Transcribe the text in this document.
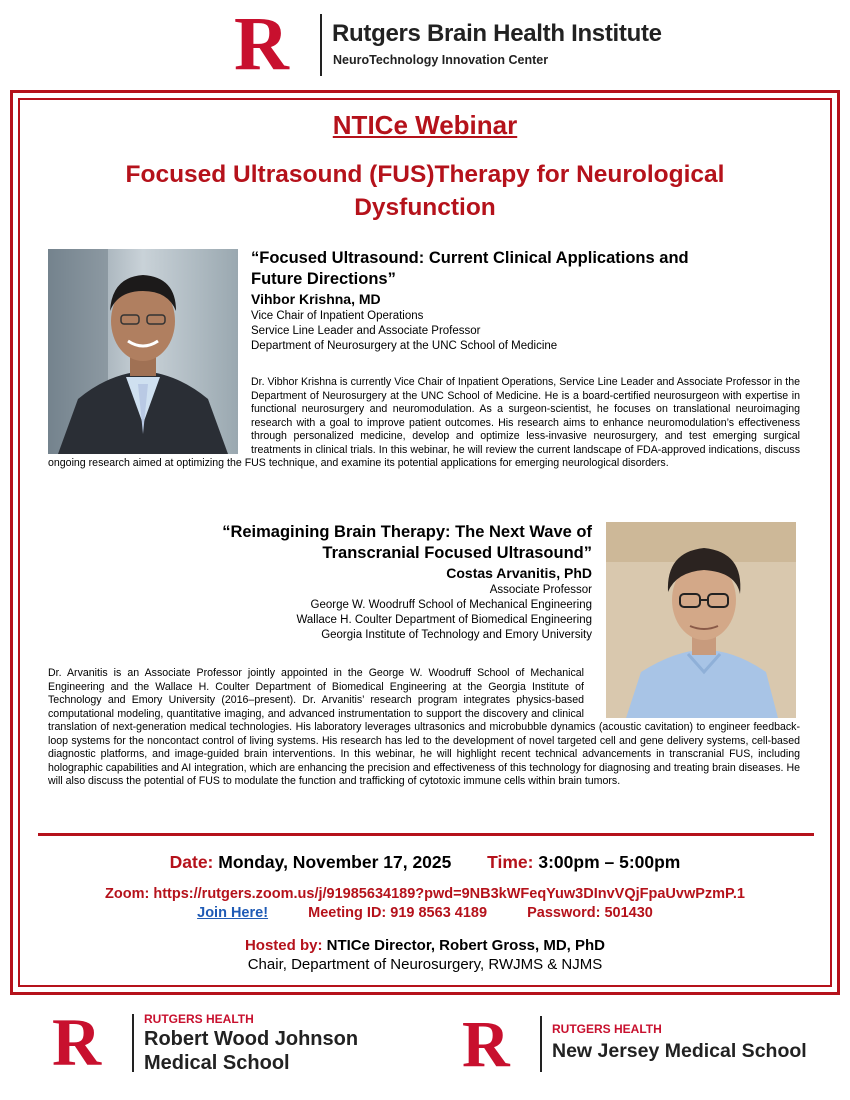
R Rutgers Brain Health Institute
NeuroTechnology Innovation Center
NTICe Webinar
Focused Ultrasound (FUS)Therapy for Neurological Dysfunction
“Focused Ultrasound: Current Clinical Applications and Future Directions”
Vihbor Krishna, MD
Vice Chair of Inpatient Operations
Service Line Leader and Associate Professor
Department of Neurosurgery at the UNC School of Medicine
Dr. Vibhor Krishna is currently Vice Chair of Inpatient Operations, Service Line Leader and Associate Professor in the Department of Neurosurgery at the UNC School of Medicine. He is a board-certified neurosurgeon with expertise in functional neurosurgery and neuromodulation. As a surgeon-scientist, he focuses on translational neuroimaging research with a goal to improve patient outcomes. His research aims to enhance neuromodulation’s effectiveness through personalized medicine, develop and optimize less-invasive neurosurgery, and test emerging surgical treatments in clinical trials. In this webinar, he will review the current landscape of FDA-approved indications, discuss ongoing research aimed at optimizing the FUS technique, and examine its potential applications for emerging neurological disorders.
“Reimagining Brain Therapy: The Next Wave of Transcranial Focused Ultrasound”
Costas Arvanitis, PhD
Associate Professor
George W. Woodruff School of Mechanical Engineering
Wallace H. Coulter Department of Biomedical Engineering
Georgia Institute of Technology and Emory University
Dr. Arvanitis is an Associate Professor jointly appointed in the George W. Woodruff School of Mechanical Engineering and the Wallace H. Coulter Department of Biomedical Engineering at the Georgia Institute of Technology and Emory University (2016–present). Dr. Arvanitis’ research program integrates physics-based computational modeling, quantitative imaging, and advanced instrumentation to support the discovery and clinical translation of next-generation medical technologies. His laboratory leverages ultrasonics and microbubble dynamics (acoustic cavitation) to engineer feedback-loop systems for the noncontact control of living systems. His research has led to the development of novel targeted cell and gene delivery systems, cell-based diagnostic platforms, and image-guided brain interventions. In this webinar, he will highlight recent technical advancements in transcranial FUS, including holographic capabilities and AI integration, which are enhancing the precision and effectiveness of this technology for diagnosing and treating brain diseases. He will also discuss the potential of FUS to modulate the function and trafficking of cytotoxic immune cells within brain tumors.
Date: Monday, November 17, 2025 Time: 3:00pm – 5:00pm
Zoom: https://rutgers.zoom.us/j/91985634189?pwd=9NB3kWFeqYuw3DInvVQjFpaUvwPzmP.1
Join Here!	Meeting ID: 919 8563 4189	Password: 501430
Hosted by: NTICe Director, Robert Gross, MD, PhD
Chair, Department of Neurosurgery, RWJMS & NJMS
R	RUTGERS HEALTH
Robert Wood Johnson
Medical School	R	RUTGERS HEALTH
New Jersey Medical School
